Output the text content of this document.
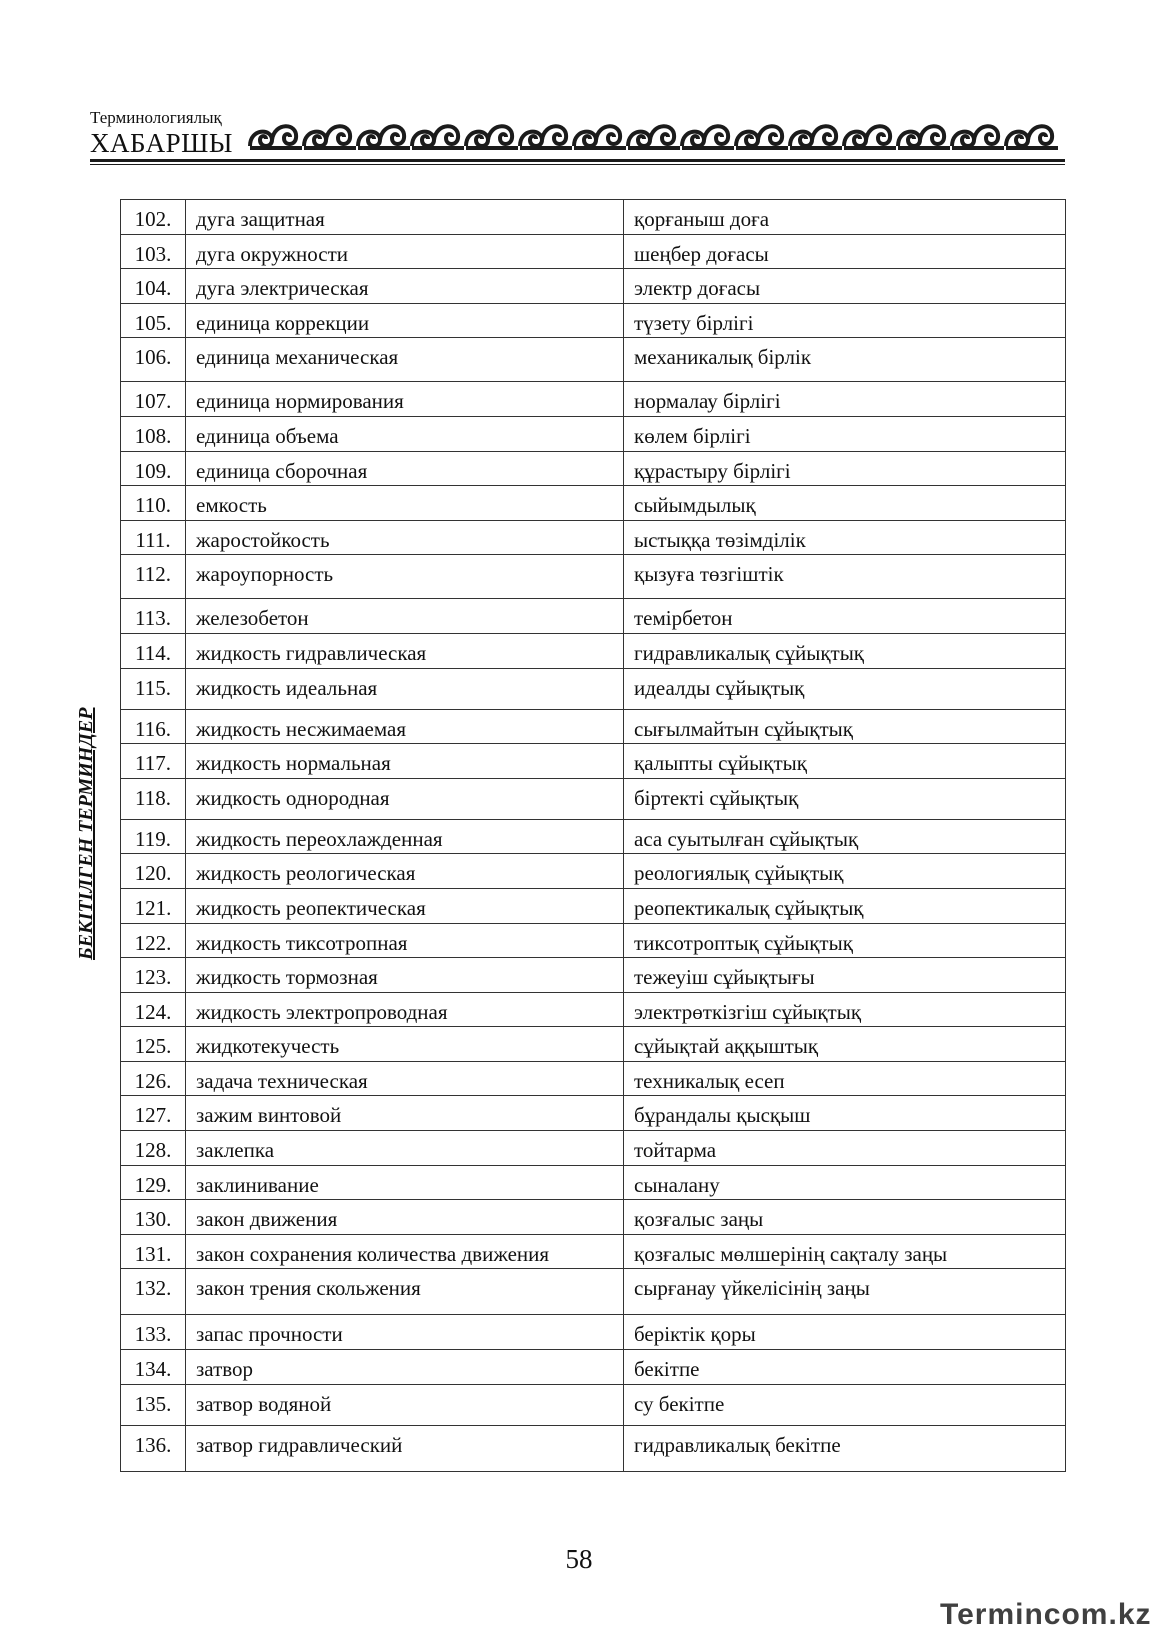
Терминологиялық
ХАБАРШЫ
БЕКІТІЛГЕН ТЕРМИНДЕР
102.	дуга защитная	қорғаныш доға

103.	дуга окружности	шеңбер доғасы

104.	дуга электрическая	электр доғасы

105.	единица коррекции	түзету бірлігі

106.	единица механическая	механикалық бірлік

107.	единица нормирования	нормалау бірлігі

108.	единица объема	көлем бірлігі

109.	единица сборочная	құрастыру бірлігі

110.	емкость	сыйымдылық

111.	жаростойкость	ыстыққа төзімділік

112.	жароупорность	қызуға төзгіштік

113.	железобетон	темірбетон

114.	жидкость гидравлическая	гидравликалық сұйықтық

115.	жидкость идеальная	идеалды сұйықтық

116.	жидкость несжимаемая	сығылмайтын сұйықтық

117.	жидкость нормальная	қалыпты сұйықтық

118.	жидкость однородная	біртекті сұйықтық

119.	жидкость переохлажденная	аса суытылған сұйықтық

120.	жидкость реологическая	реологиялық сұйықтық

121.	жидкость реопектическая	реопектикалық сұйықтық

122.	жидкость тиксотропная	тиксотроптық сұйықтық

123.	жидкость тормозная	тежеуіш сұйықтығы

124.	жидкость электропроводная	электрөткізгіш сұйықтық

125.	жидкотекучесть	сұйықтай аққыштық

126.	задача техническая	техникалық есеп

127.	зажим винтовой	бұрандалы қысқыш

128.	заклепка	тойтарма

129.	заклинивание	сыналану

130.	закон движения	қозғалыс заңы

131.	закон сохранения количества движения	қозғалыс мөлшерінің сақталу заңы

132.	закон трения скольжения	сырғанау үйкелісінің заңы

133.	запас прочности	беріктік қоры

134.	затвор	бекітпе

135.	затвор водяной	су бекітпе

136.	затвор гидравлический	гидравликалық бекітпе
58
Termincom.kz
